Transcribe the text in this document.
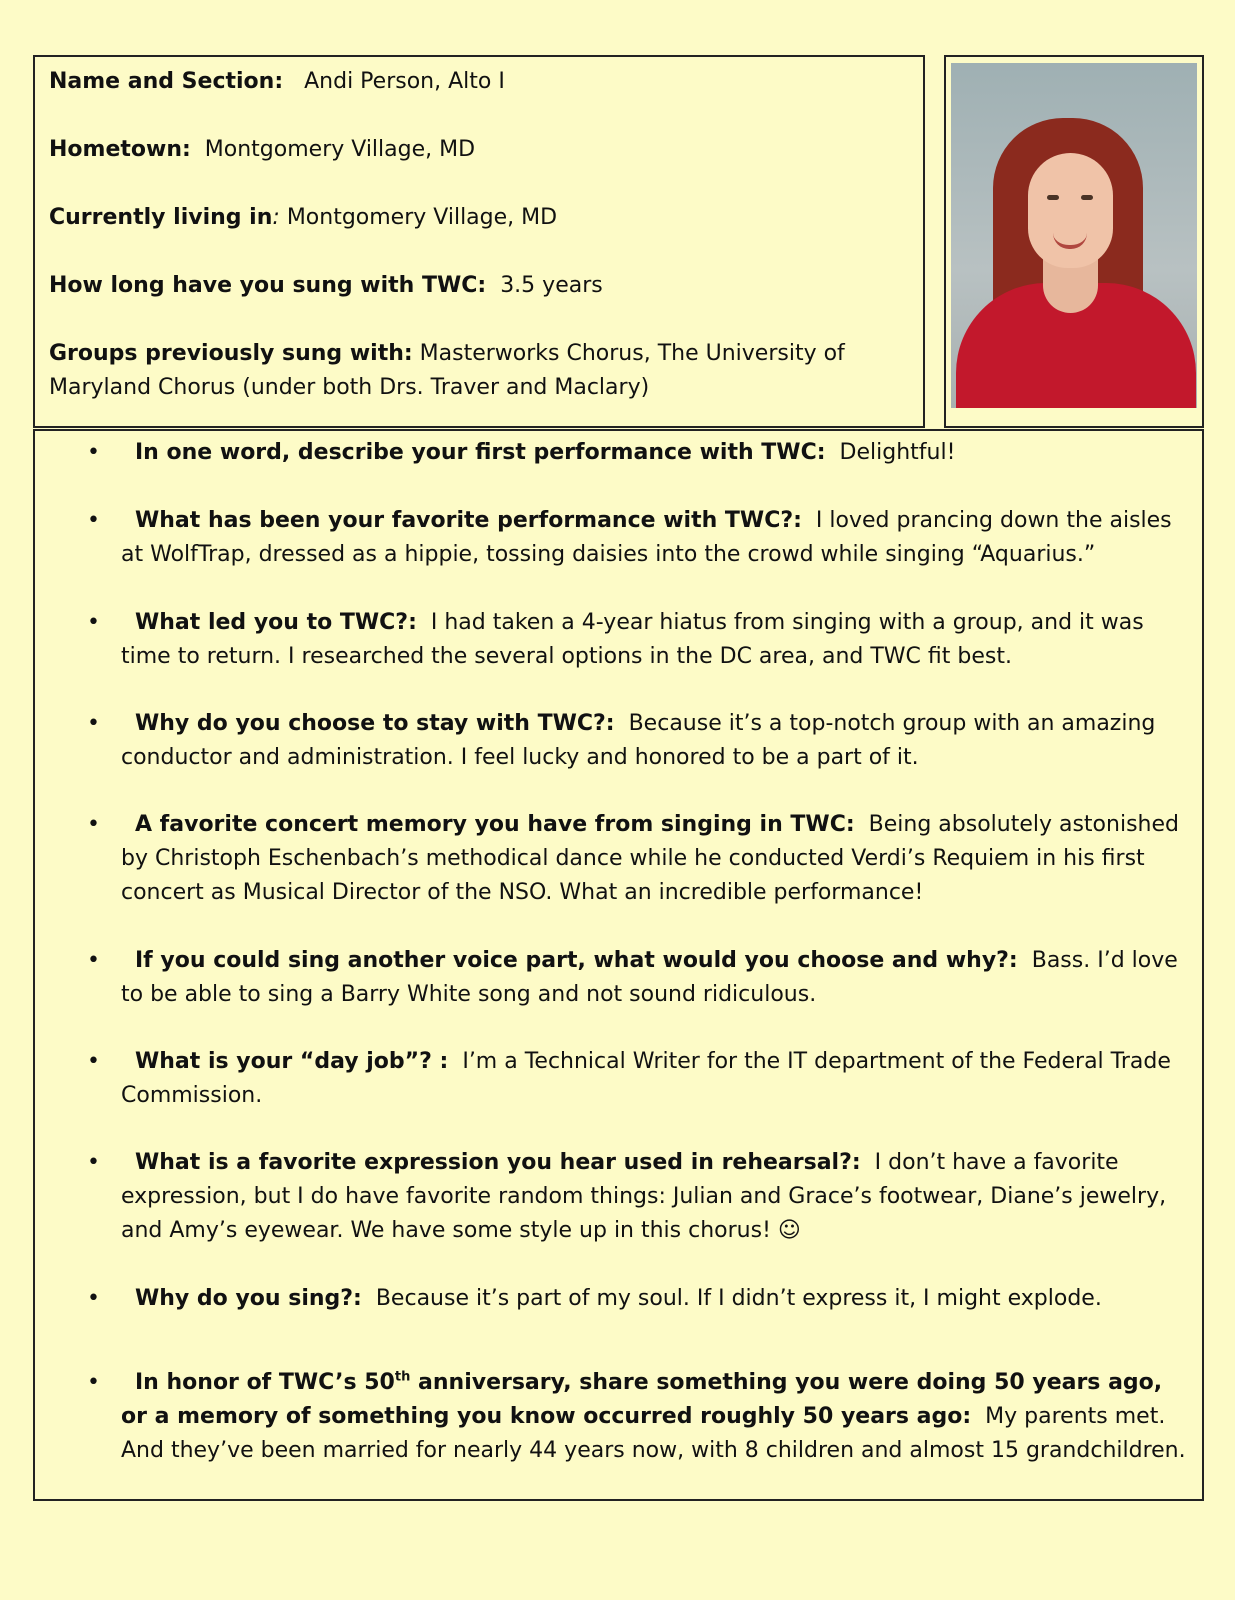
Name and Section: Andi Person, Alto I
Hometown: Montgomery Village, MD
Currently living in: Montgomery Village, MD
How long have you sung with TWC: 3.5 years
Groups previously sung with: Masterworks Chorus, The University of Maryland Chorus (under both Drs. Traver and Maclary)
•	In one word, describe your first performance with TWC: Delightful!
•	What has been your favorite performance with TWC?: I loved prancing down the aisles at WolfTrap, dressed as a hippie, tossing daisies into the crowd while singing “Aquarius.”
•	What led you to TWC?: I had taken a 4-year hiatus from singing with a group, and it was time to return. I researched the several options in the DC area, and TWC fit best.
•	Why do you choose to stay with TWC?: Because it’s a top-notch group with an amazing conductor and administration. I feel lucky and honored to be a part of it.
•	A favorite concert memory you have from singing in TWC: Being absolutely astonished by Christoph Eschenbach’s methodical dance while he conducted Verdi’s Requiem in his first concert as Musical Director of the NSO. What an incredible performance!
•	If you could sing another voice part, what would you choose and why?: Bass. I’d love to be able to sing a Barry White song and not sound ridiculous.
•	What is your “day job”? : I’m a Technical Writer for the IT department of the Federal Trade Commission.
•	What is a favorite expression you hear used in rehearsal?: I don’t have a favorite expression, but I do have favorite random things: Julian and Grace’s footwear, Diane’s jewelry, and Amy’s eyewear. We have some style up in this chorus! ☺
•	Why do you sing?: Because it’s part of my soul. If I didn’t express it, I might explode.
•	In honor of TWC’s 50th anniversary, share something you were doing 50 years ago, or a memory of something you know occurred roughly 50 years ago: My parents met. And they’ve been married for nearly 44 years now, with 8 children and almost 15 grandchildren.
